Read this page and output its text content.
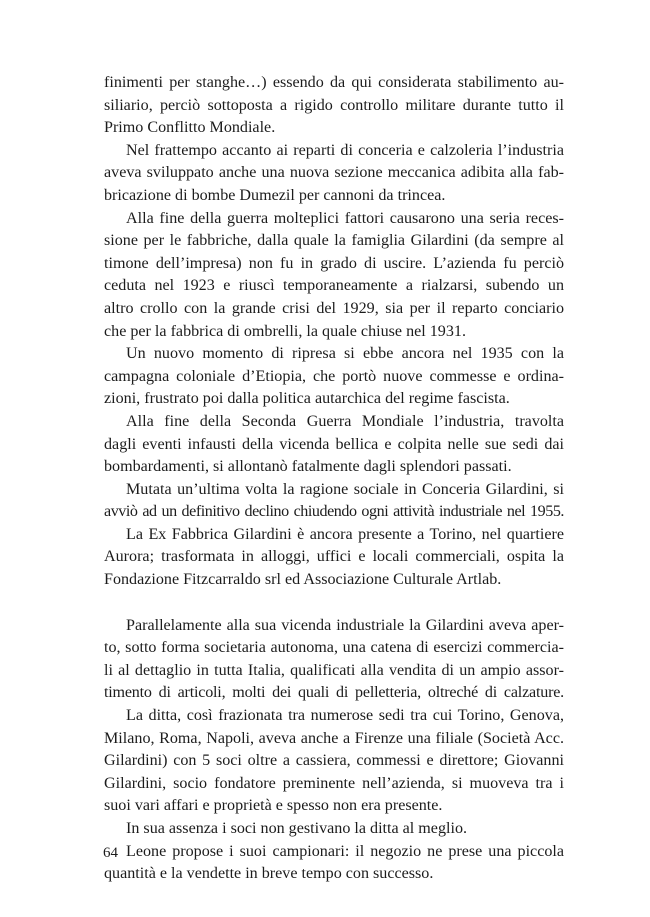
finimenti per stanghe…) essendo da qui considerata stabilimento au-
siliario, perciò sottoposta a rigido controllo militare durante tutto il
Primo Conflitto Mondiale.

Nel frattempo accanto ai reparti di conceria e calzoleria l’industria
aveva sviluppato anche una nuova sezione meccanica adibita alla fab-
bricazione di bombe Dumezil per cannoni da trincea.

Alla fine della guerra molteplici fattori causarono una seria reces-
sione per le fabbriche, dalla quale la famiglia Gilardini (da sempre al
timone dell’impresa) non fu in grado di uscire. L’azienda fu perciò
ceduta nel 1923 e riuscì temporaneamente a rialzarsi, subendo un
altro crollo con la grande crisi del 1929, sia per il reparto conciario
che per la fabbrica di ombrelli, la quale chiuse nel 1931.

Un nuovo momento di ripresa si ebbe ancora nel 1935 con la
campagna coloniale d’Etiopia, che portò nuove commesse e ordina-
zioni, frustrato poi dalla politica autarchica del regime fascista.

Alla fine della Seconda Guerra Mondiale l’industria, travolta
dagli eventi infausti della vicenda bellica e colpita nelle sue sedi dai
bombardamenti, si allontanò fatalmente dagli splendori passati.

Mutata un’ultima volta la ragione sociale in Conceria Gilardini, si
avviò ad un definitivo declino chiudendo ogni attività industriale nel 1955.

La Ex Fabbrica Gilardini è ancora presente a Torino, nel quartiere
Aurora; trasformata in alloggi, uffici e locali commerciali, ospita la
Fondazione Fitzcarraldo srl ed Associazione Culturale Artlab.

Parallelamente alla sua vicenda industriale la Gilardini aveva aper-
to, sotto forma societaria autonoma, una catena di esercizi commercia-
li al dettaglio in tutta Italia, qualificati alla vendita di un ampio assor-
timento di articoli, molti dei quali di pelletteria, oltreché di calzature.

La ditta, così frazionata tra numerose sedi tra cui Torino, Genova,
Milano, Roma, Napoli, aveva anche a Firenze una filiale (Società Acc.
Gilardini) con 5 soci oltre a cassiera, commessi e direttore; Giovanni
Gilardini, socio fondatore preminente nell’azienda, si muoveva tra i
suoi vari affari e proprietà e spesso non era presente.

In sua assenza i soci non gestivano la ditta al meglio.

Leone propose i suoi campionari: il negozio ne prese una piccola
quantità e la vendette in breve tempo con successo.

64
